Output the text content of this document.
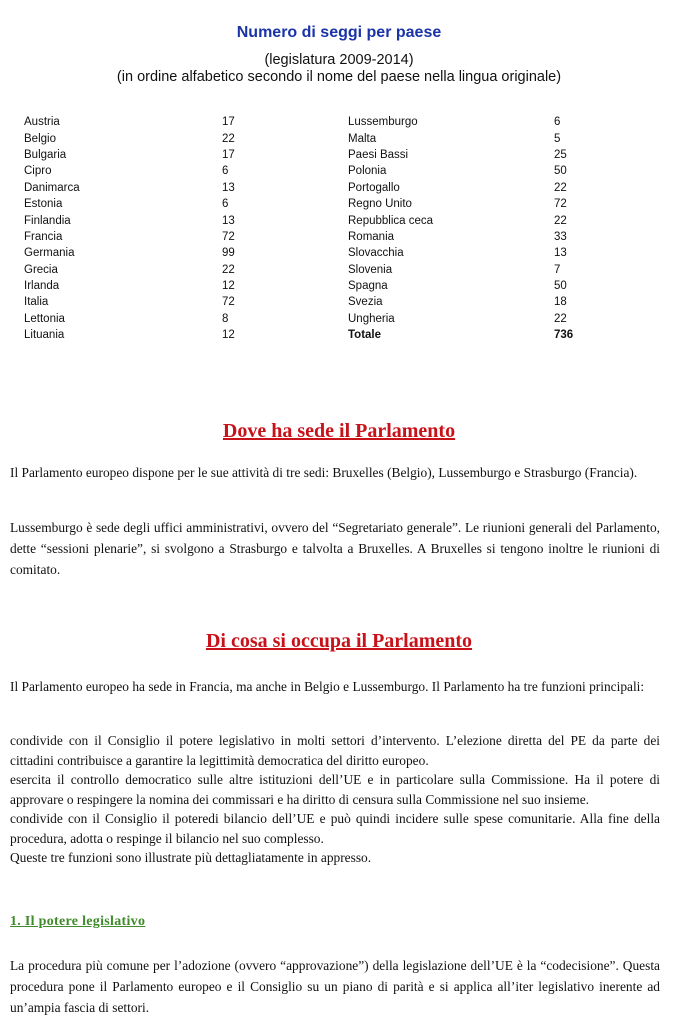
Numero di seggi per paese
(legislatura 2009-2014)
(in ordine alfabetico secondo il nome del paese nella lingua originale)
Austria	17
Belgio	22
Bulgaria	17
Cipro	6
Danimarca	13
Estonia	6
Finlandia	13
Francia	72
Germania	99
Grecia	22
Irlanda	12
Italia	72
Lettonia	8
Lituania	12
Lussemburgo	6
Malta	5
Paesi Bassi	25
Polonia	50
Portogallo	22
Regno Unito	72
Repubblica ceca	22
Romania	33
Slovacchia	13
Slovenia	7
Spagna	50
Svezia	18
Ungheria	22
Totale	736
Dove ha sede il Parlamento

Il Parlamento europeo dispone per le sue attività di tre sedi: Bruxelles (Belgio), Lussemburgo e Strasburgo (Francia).

Lussemburgo è sede degli uffici amministrativi, ovvero del “Segretariato generale”. Le riunioni generali del Parlamento, dette “sessioni plenarie”, si svolgono a Strasburgo e talvolta a Bruxelles. A Bruxelles si tengono inoltre le riunioni di comitato.

Di cosa si occupa il Parlamento

Il Parlamento europeo ha sede in Francia, ma anche in Belgio e Lussemburgo. Il Parlamento ha tre funzioni principali:

condivide con il Consiglio il potere legislativo in molti settori d’intervento. L’elezione diretta del PE da parte dei cittadini contribuisce a garantire la legittimità democratica del diritto europeo.
esercita il controllo democratico sulle altre istituzioni dell’UE e in particolare sulla Commissione. Ha il potere di approvare o respingere la nomina dei commissari e ha diritto di censura sulla Commissione nel suo insieme.
condivide con il Consiglio il poteredi bilancio dell’UE e può quindi incidere sulle spese comunitarie. Alla fine della procedura, adotta o respinge il bilancio nel suo complesso.
Queste tre funzioni sono illustrate più dettagliatamente in appresso.

1. Il potere legislativo

La procedura più comune per l’adozione (ovvero “approvazione”) della legislazione dell’UE è la “codecisione”. Questa procedura pone il Parlamento europeo e il Consiglio su un piano di parità e si applica all’iter legislativo inerente ad un’ampia fascia di settori.
